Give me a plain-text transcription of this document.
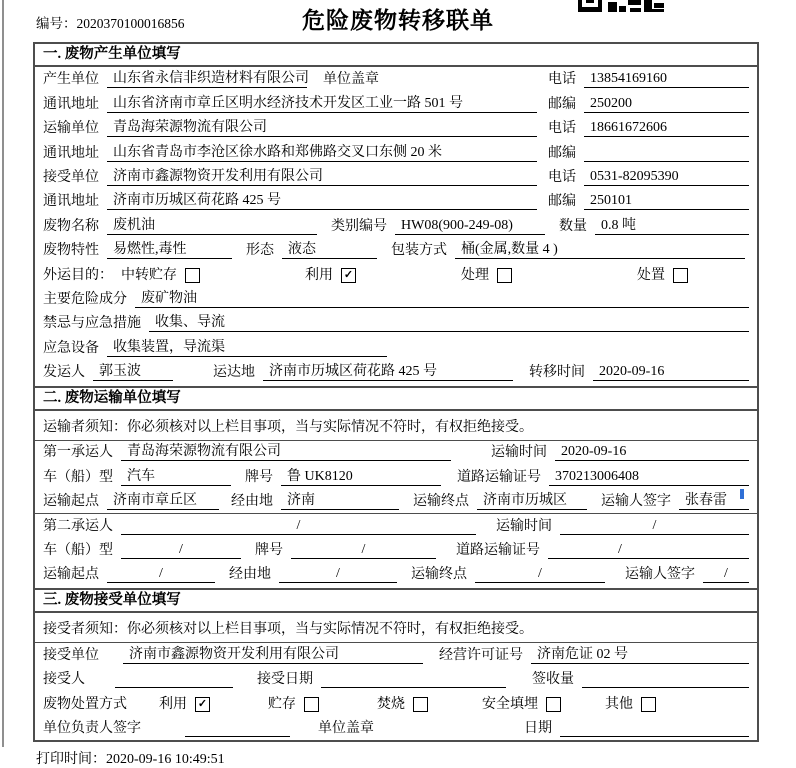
编号：2020370100016856	危险废物转移联单
一. 废物产生单位填写
产生单位	山东省永信非织造材料有限公司 单位盖章	电话	13854169160
通讯地址	山东省济南市章丘区明水经济技术开发区工业一路 501 号	邮编	250200
运输单位	青岛海荣源物流有限公司	电话	18661672606
通讯地址	山东省青岛市李沧区徐水路和郑佛路交叉口东侧 20 米	邮编
接受单位	济南市鑫源物资开发利用有限公司	电话	0531-82095390
通讯地址	济南市历城区荷花路 425 号	邮编	250101
废物名称	废机油	类别编号	HW08(900-249-08)	数量	0.8 吨
废物特性	易燃性,毒性	形态	液态	包装方式	桶(金属,数量 4 )
外运目的： 中转贮存	利用 ✓	处理	处置
主要危险成分	废矿物油
禁忌与应急措施	收集、导流
应急设备	收集装置，导流渠
发运人	郭玉波	运达地	济南市历城区荷花路 425 号	转移时间	2020-09-16
二. 废物运输单位填写
运输者须知：你必须核对以上栏目事项，当与实际情况不符时，有权拒绝接受。
第一承运人	青岛海荣源物流有限公司	运输时间	2020-09-16
车（船）型	汽车	牌号	鲁 UK8120	道路运输证号	370213006408
运输起点	济南市章丘区	经由地	济南	运输终点	济南市历城区	运输人签字	张春雷
第二承运人	/	运输时间	/
车（船）型	/	牌号	/	道路运输证号	/
运输起点	/	经由地	/	运输终点	/	运输人签字	/
三. 废物接受单位填写
接受者须知：你必须核对以上栏目事项，当与实际情况不符时，有权拒绝接受。
接受单位	济南市鑫源物资开发利用有限公司	经营许可证号	济南危证 02 号
接受人	接受日期	签收量
废物处置方式 利用 ✓	贮存	焚烧	安全填埋	其他
单位负责人签字	单位盖章	日期
打印时间：2020-09-16 10:49:51
